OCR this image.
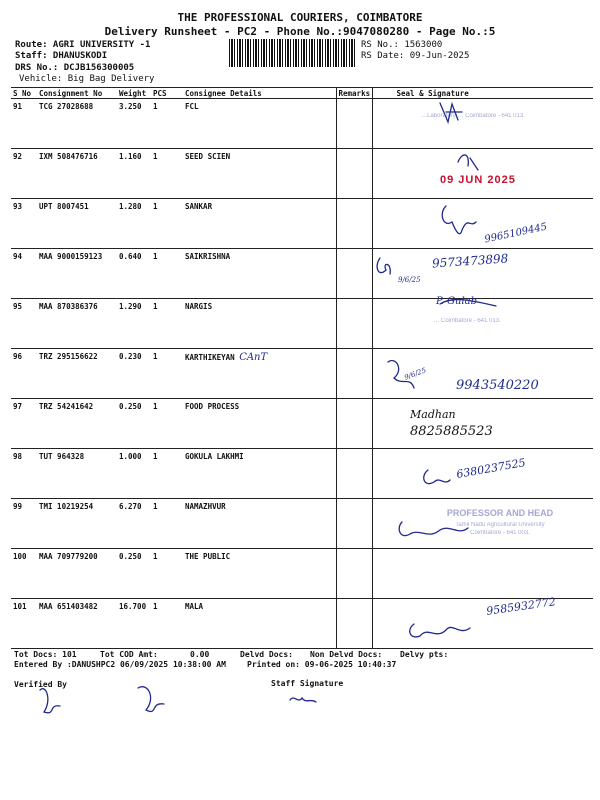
THE PROFESSIONAL COURIERS, COIMBATORE
Delivery Runsheet - PC2 - Phone No.:9047080280 - Page No.:5
Route: AGRI UNIVERSITY -1
Staff: DHANUSKODI
DRS No.: DCJB156300005
Vehicle: Big Bag Delivery
RS No.: 1563000
RS Date: 09-Jun-2025
S No	Consignment No	Weight	PCS	Consignee Details	Remarks	Seal & Signature
91	TCG 27028688	3.250	1	FCL		
92	IXM 508476716	1.160	1	SEED SCIEN		
93	UPT 8007451	1.280	1	SANKAR		
94	MAA 9000159123	0.640	1	SAIKRISHNA		
95	MAA 870386376	1.290	1	NARGIS		
96	TRZ 295156622	0.230	1	KARTHIKEYAN CAnT		
97	TRZ 54241642	0.250	1	FOOD PROCESS		
98	TUT 964328	1.000	1	GOKULA LAKHMI		
99	TMI 10219254	6.270	1	NAMAZHVUR		
100	MAA 709779200	0.250	1	THE PUBLIC		
101	MAA 651403482	16.700	1	MALA		
…Laboratory … Coimbatore - 641 013.
09 JUN 2025
9965109445
9573473898
9/6/25
P. Gulab
… Coimbatore - 641 013.
9/6/25
9943540220
Madhan
8825885523
6380237525
PROFESSOR AND HEAD
Tamil Nadu Agricultural University
Coimbatore - 641 003.
9585932772
Tot Docs: 101	Tot COD Amt:	0.00	Delvd Docs: Non Delvd Docs: Delvy pts:
Entered By :DANUSHPC2 06/09/2025 10:38:00 AM	Printed on: 09-06-2025 10:40:37
Verified By	Staff Signature
